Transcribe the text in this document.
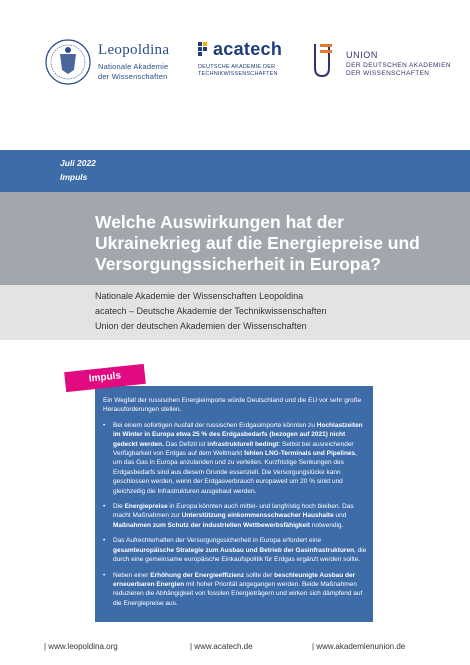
Leopoldina
Nationale Akademie
der Wissenschaften
acatech
DEUTSCHE AKADEMIE DER
TECHNIKWISSENSCHAFTEN
UNION
DER DEUTSCHEN AKADEMIEN
DER WISSENSCHAFTEN
Juli 2022
Impuls
Welche Auswirkungen hat der Ukrainekrieg auf die Energiepreise und Versorgungssicherheit in Europa?
Nationale Akademie der Wissenschaften Leopoldina
acatech – Deutsche Akademie der Technikwissenschaften
Union der deutschen Akademien der Wissenschaften
Impuls

Ein Wegfall der russischen Energieimporte würde Deutschland und die EU vor sehr große Herausforderungen stellen.

• Bei einem sofortigen Ausfall der russischen Erdgasimporte könnten zu Hochlastzeiten im Winter in Europa etwa 25 % des Erdgasbedarfs (bezogen auf 2021) nicht gedeckt werden. Das Defizit ist infrastrukturell bedingt: Selbst bei ausreichender Verfügbarkeit von Erdgas auf dem Weltmarkt fehlen LNG-Terminals und Pipelines, um das Gas in Europa anzulanden und zu verteilen. Kurzfristige Senkungen des Erdgasbedarfs sind aus diesem Grunde essenziell. Die Versorgungslücke kann geschlossen werden, wenn der Erdgasverbrauch europaweit um 20 % sinkt und gleichzeitig die Infrastrukturen ausgebaut werden.

• Die Energiepreise in Europa könnten auch mittel- und langfristig hoch bleiben. Das macht Maßnahmen zur Unterstützung einkommensschwacher Haushalte und Maßnahmen zum Schutz der industriellen Wettbewerbsfähigkeit notwendig.

• Das Aufrechterhalten der Versorgungssicherheit in Europa erfordert eine gesamteuropäische Strategie zum Ausbau und Betrieb der Gasinfrastrukturen, die durch eine gemeinsame europäische Einkaufspolitik für Erdgas ergänzt werden sollte.

• Neben einer Erhöhung der Energieeffizienz sollte der beschleunigte Ausbau der erneuerbaren Energien mit hoher Priorität angegangen werden. Beide Maßnahmen reduzieren die Abhängigkeit von fossilen Energieträgern und wirken sich dämpfend auf die Energiepreise aus.

| www.leopoldina.org	| www.acatech.de	| www.akademienunion.de
